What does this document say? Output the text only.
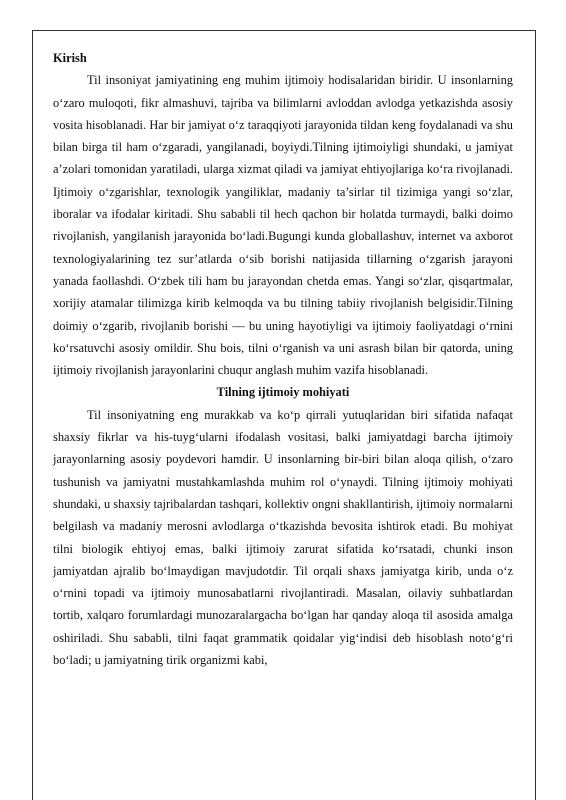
Kirish

Til insoniyat jamiyatining eng muhim ijtimoiy hodisalaridan biridir. U insonlarning o‘zaro muloqoti, fikr almashuvi, tajriba va bilimlarni avloddan avlodga yetkazishda asosiy vosita hisoblanadi. Har bir jamiyat o‘z taraqqiyoti jarayonida tildan keng foydalanadi va shu bilan birga til ham o‘zgaradi, yangilanadi, boyiydi.Tilning ijtimoiyligi shundaki, u jamiyat a’zolari tomonidan yaratiladi, ularga xizmat qiladi va jamiyat ehtiyojlariga ko‘ra rivojlanadi. Ijtimoiy o‘zgarishlar, texnologik yangiliklar, madaniy ta’sirlar til tizimiga yangi so‘zlar, iboralar va ifodalar kiritadi. Shu sababli til hech qachon bir holatda turmaydi, balki doimo rivojlanish, yangilanish jarayonida bo‘ladi.Bugungi kunda globallashuv, internet va axborot texnologiyalarining tez sur’atlarda o‘sib borishi natijasida tillarning o‘zgarish jarayoni yanada faollashdi. O‘zbek tili ham bu jarayondan chetda emas. Yangi so‘zlar, qisqartmalar, xorijiy atamalar tilimizga kirib kelmoqda va bu tilning tabiiy rivojlanish belgisidir.Tilning doimiy o‘zgarib, rivojlanib borishi — bu uning hayotiyligi va ijtimoiy faoliyatdagi o‘rnini ko‘rsatuvchi asosiy omildir. Shu bois, tilni o‘rganish va uni asrash bilan bir qatorda, uning ijtimoiy rivojlanish jarayonlarini chuqur anglash muhim vazifa hisoblanadi.

Tilning ijtimoiy mohiyati

Til insoniyatning eng murakkab va ko‘p qirrali yutuqlaridan biri sifatida nafaqat shaxsiy fikrlar va his-tuyg‘ularni ifodalash vositasi, balki jamiyatdagi barcha ijtimoiy jarayonlarning asosiy poydevori hamdir. U insonlarning bir-biri bilan aloqa qilish, o‘zaro tushunish va jamiyatni mustahkamlashda muhim rol o‘ynaydi. Tilning ijtimoiy mohiyati shundaki, u shaxsiy tajribalardan tashqari, kollektiv ongni shakllantirish, ijtimoiy normalarni belgilash va madaniy merosni avlodlarga o‘tkazishda bevosita ishtirok etadi. Bu mohiyat tilni biologik ehtiyoj emas, balki ijtimoiy zarurat sifatida ko‘rsatadi, chunki inson jamiyatdan ajralib bo‘lmaydigan mavjudotdir. Til orqali shaxs jamiyatga kirib, unda o‘z o‘rnini topadi va ijtimoiy munosabatlarni rivojlantiradi. Masalan, oilaviy suhbatlardan tortib, xalqaro forumlardagi munozaralargacha bo‘lgan har qanday aloqa til asosida amalga oshiriladi. Shu sababli, tilni faqat grammatik qoidalar yig‘indisi deb hisoblash noto‘g‘ri bo‘ladi; u jamiyatning tirik organizmi kabi,
